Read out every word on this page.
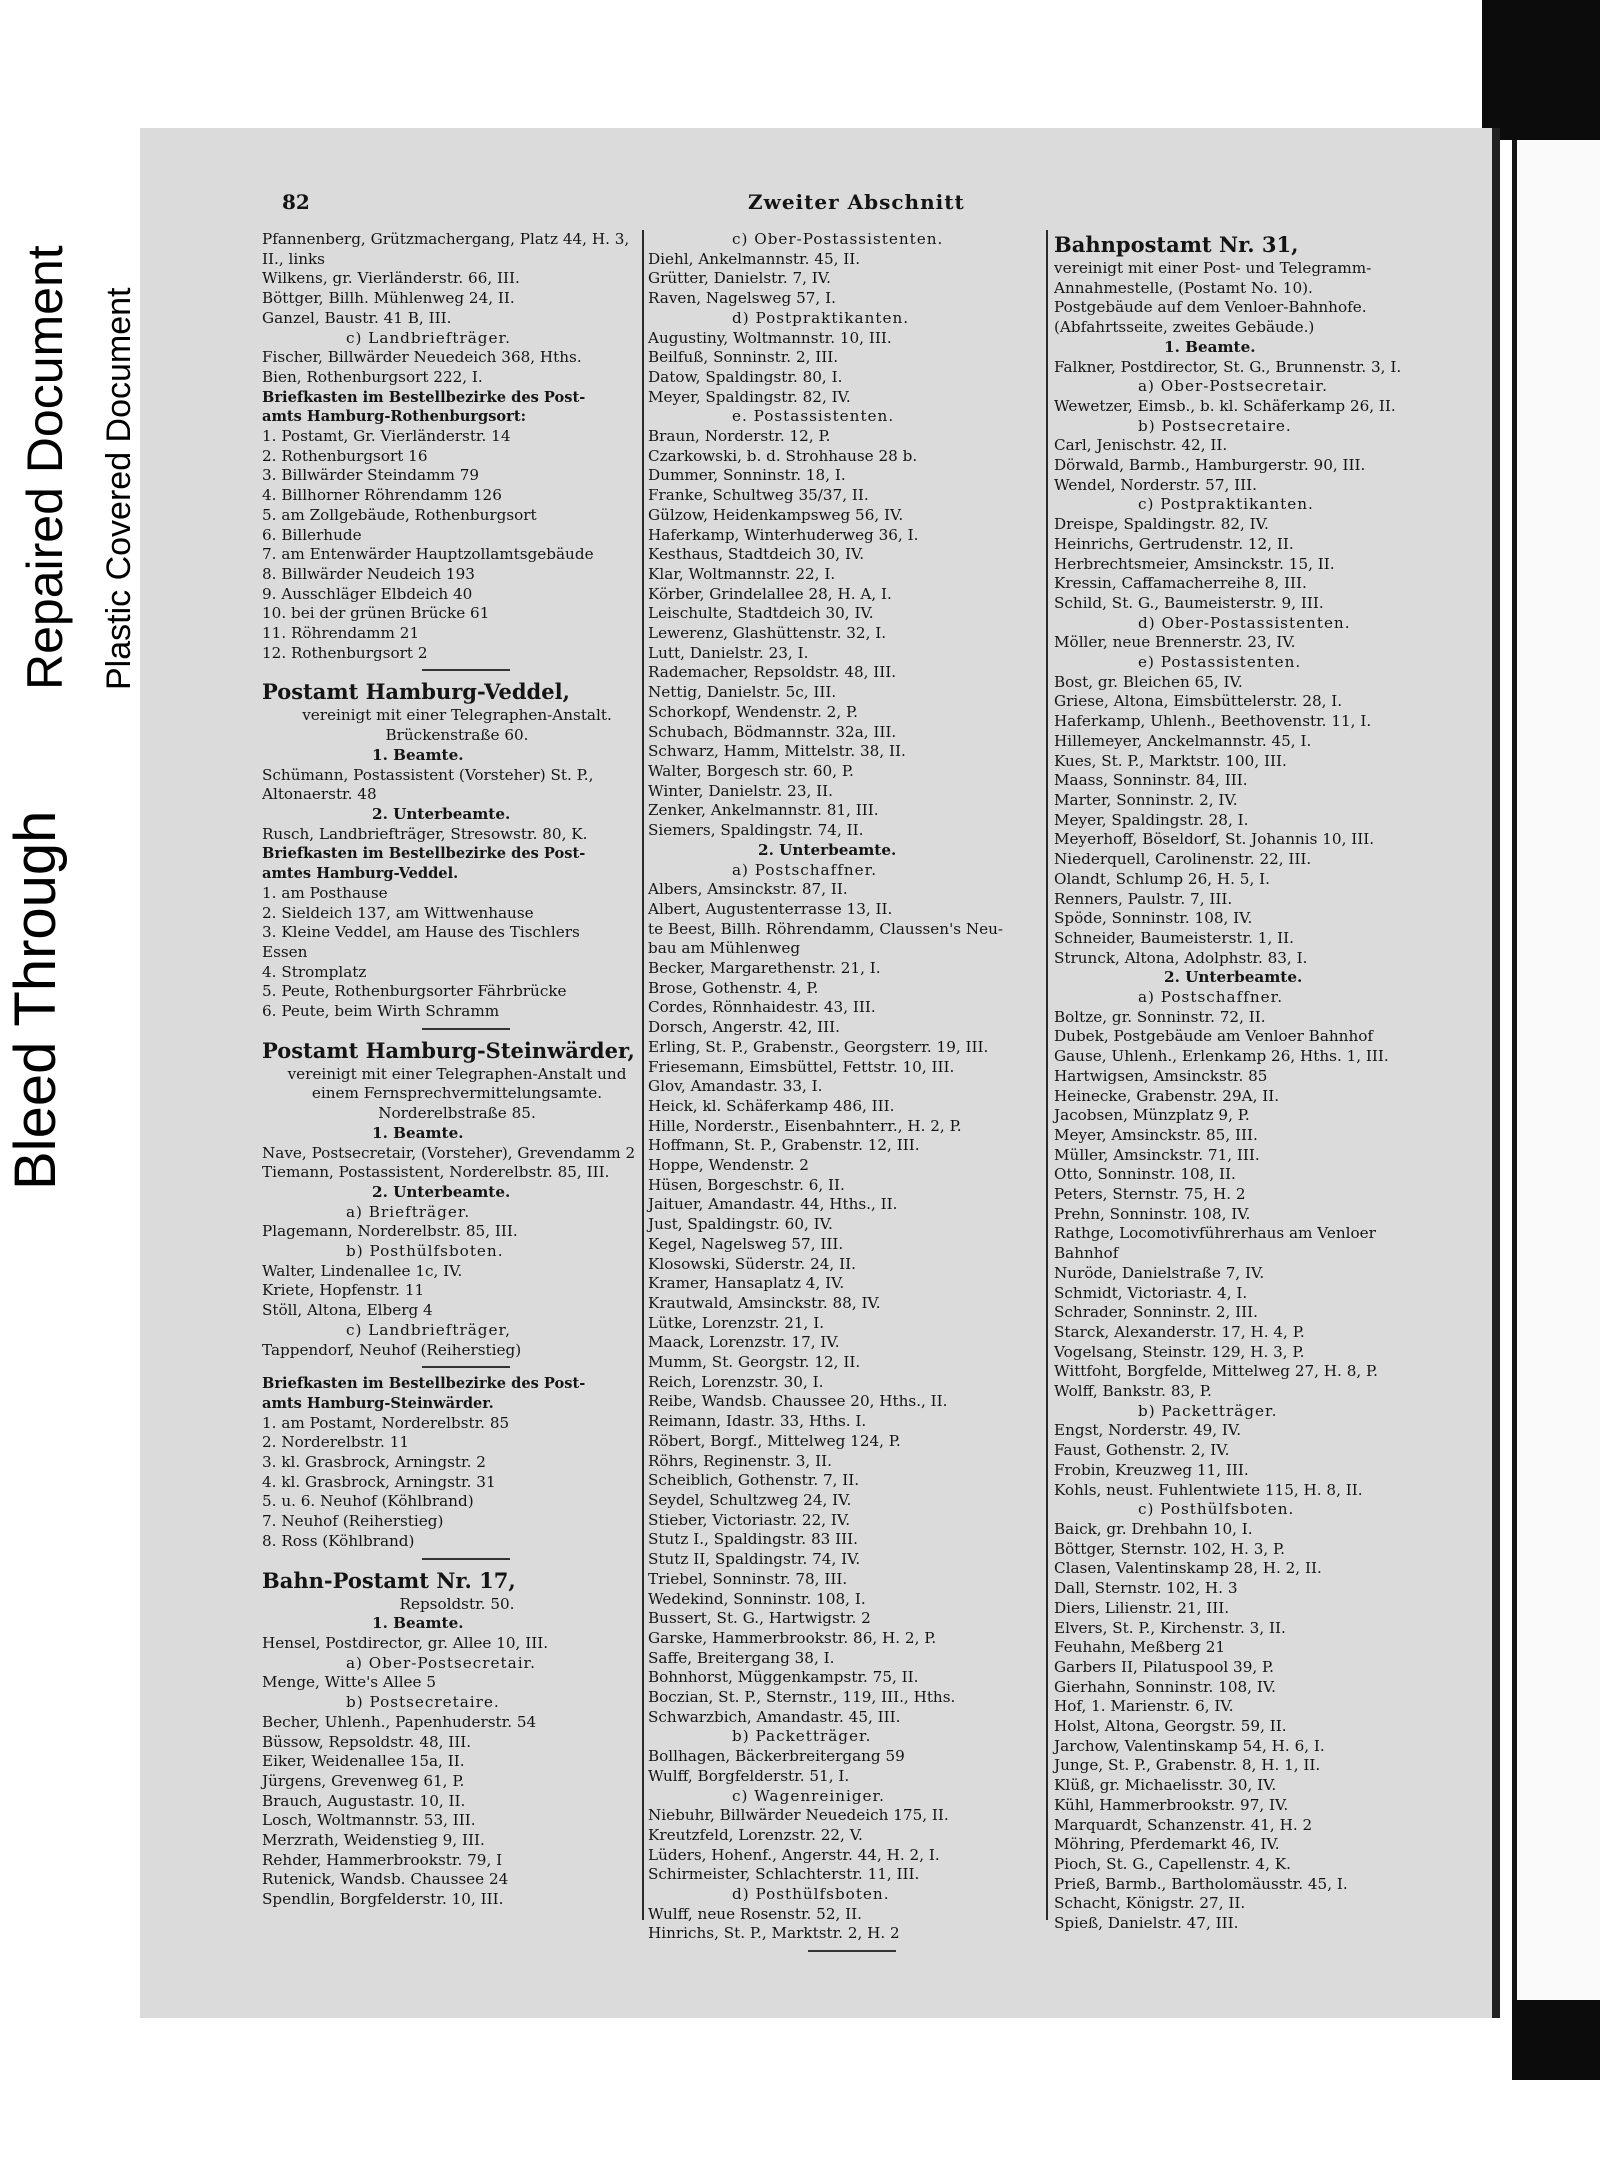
Bleed Through
Repaired Document Plastic Covered Document
82	Zweiter Abschnitt
Pfannenberg, Grützmachergang, Platz 44, H. 3,
II., links
Wilkens, gr. Vierländerstr. 66, III.
Böttger, Billh. Mühlenweg 24, II.
Ganzel, Baustr. 41 B, III.
c) Landbriefträger.
Fischer, Billwärder Neuedeich 368, Hths.
Bien, Rothenburgsort 222, I.
Briefkasten im Bestellbezirke des Post-
amts Hamburg-Rothenburgsort:
1. Postamt, Gr. Vierländerstr. 14
2. Rothenburgsort 16
3. Billwärder Steindamm 79
4. Billhorner Röhrendamm 126
5. am Zollgebäude, Rothenburgsort
6. Billerhude
7. am Entenwärder Hauptzollamtsgebäude
8. Billwärder Neudeich 193
9. Ausschläger Elbdeich 40
10. bei der grünen Brücke 61
11. Röhrendamm 21
12. Rothenburgsort 2
Postamt Hamburg-Veddel,
vereinigt mit einer Telegraphen-Anstalt.
Brückenstraße 60.
1. Beamte.
Schümann, Postassistent (Vorsteher) St. P.,
Altonaerstr. 48
2. Unterbeamte.
Rusch, Landbriefträger, Stresowstr. 80, K.
Briefkasten im Bestellbezirke des Post-
amtes Hamburg-Veddel.
1. am Posthause
2. Sieldeich 137, am Wittwenhause
3. Kleine Veddel, am Hause des Tischlers
Essen
4. Stromplatz
5. Peute, Rothenburgsorter Fährbrücke
6. Peute, beim Wirth Schramm
Postamt Hamburg-Steinwärder,
vereinigt mit einer Telegraphen-Anstalt und
einem Fernsprechvermittelungsamte.
Norderelbstraße 85.
1. Beamte.
Nave, Postsecretair, (Vorsteher), Grevendamm 2
Tiemann, Postassistent, Norderelbstr. 85, III.
2. Unterbeamte.
a) Briefträger.
Plagemann, Norderelbstr. 85, III.
b) Posthülfsboten.
Walter, Lindenallee 1c, IV.
Kriete, Hopfenstr. 11
Stöll, Altona, Elberg 4
c) Landbriefträger,
Tappendorf, Neuhof (Reiherstieg)
Briefkasten im Bestellbezirke des Post-
amts Hamburg-Steinwärder.
1. am Postamt, Norderelbstr. 85
2. Norderelbstr. 11
3. kl. Grasbrock, Arningstr. 2
4. kl. Grasbrock, Arningstr. 31
5. u. 6. Neuhof (Köhlbrand)
7. Neuhof (Reiherstieg)
8. Ross (Köhlbrand)
Bahn-Postamt Nr. 17,
Repsoldstr. 50.
1. Beamte.
Hensel, Postdirector, gr. Allee 10, III.
a) Ober-Postsecretair.
Menge, Witte's Allee 5
b) Postsecretaire.
Becher, Uhlenh., Papenhuderstr. 54
Büssow, Repsoldstr. 48, III.
Eiker, Weidenallee 15a, II.
Jürgens, Grevenweg 61, P.
Brauch, Augustastr. 10, II.
Losch, Woltmannstr. 53, III.
Merzrath, Weidenstieg 9, III.
Rehder, Hammerbrookstr. 79, I
Rutenick, Wandsb. Chaussee 24
Spendlin, Borgfelderstr. 10, III.
c) Ober-Postassistenten.
Diehl, Ankelmannstr. 45, II.
Grütter, Danielstr. 7, IV.
Raven, Nagelsweg 57, I.
d) Postpraktikanten.
Augustiny, Woltmannstr. 10, III.
Beilfuß, Sonninstr. 2, III.
Datow, Spaldingstr. 80, I.
Meyer, Spaldingstr. 82, IV.
e. Postassistenten.
Braun, Norderstr. 12, P.
Czarkowski, b. d. Strohhause 28 b.
Dummer, Sonninstr. 18, I.
Franke, Schultweg 35/37, II.
Gülzow, Heidenkampsweg 56, IV.
Haferkamp, Winterhuderweg 36, I.
Kesthaus, Stadtdeich 30, IV.
Klar, Woltmannstr. 22, I.
Körber, Grindelallee 28, H. A, I.
Leischulte, Stadtdeich 30, IV.
Lewerenz, Glashüttenstr. 32, I.
Lutt, Danielstr. 23, I.
Rademacher, Repsoldstr. 48, III.
Nettig, Danielstr. 5c, III.
Schorkopf, Wendenstr. 2, P.
Schubach, Bödmannstr. 32a, III.
Schwarz, Hamm, Mittelstr. 38, II.
Walter, Borgesch str. 60, P.
Winter, Danielstr. 23, II.
Zenker, Ankelmannstr. 81, III.
Siemers, Spaldingstr. 74, II.
2. Unterbeamte.
a) Postschaffner.
Albers, Amsinckstr. 87, II.
Albert, Augustenterrasse 13, II.
te Beest, Billh. Röhrendamm, Claussen's Neu-
bau am Mühlenweg
Becker, Margarethenstr. 21, I.
Brose, Gothenstr. 4, P.
Cordes, Rönnhaidestr. 43, III.
Dorsch, Angerstr. 42, III.
Erling, St. P., Grabenstr., Georgsterr. 19, III.
Friesemann, Eimsbüttel, Fettstr. 10, III.
Glov, Amandastr. 33, I.
Heick, kl. Schäferkamp 486, III.
Hille, Norderstr., Eisenbahnterr., H. 2, P.
Hoffmann, St. P., Grabenstr. 12, III.
Hoppe, Wendenstr. 2
Hüsen, Borgeschstr. 6, II.
Jaituer, Amandastr. 44, Hths., II.
Just, Spaldingstr. 60, IV.
Kegel, Nagelsweg 57, III.
Klosowski, Süderstr. 24, II.
Kramer, Hansaplatz 4, IV.
Krautwald, Amsinckstr. 88, IV.
Lütke, Lorenzstr. 21, I.
Maack, Lorenzstr. 17, IV.
Mumm, St. Georgstr. 12, II.
Reich, Lorenzstr. 30, I.
Reibe, Wandsb. Chaussee 20, Hths., II.
Reimann, Idastr. 33, Hths. I.
Röbert, Borgf., Mittelweg 124, P.
Röhrs, Reginenstr. 3, II.
Scheiblich, Gothenstr. 7, II.
Seydel, Schultzweg 24, IV.
Stieber, Victoriastr. 22, IV.
Stutz I., Spaldingstr. 83 III.
Stutz II, Spaldingstr. 74, IV.
Triebel, Sonninstr. 78, III.
Wedekind, Sonninstr. 108, I.
Bussert, St. G., Hartwigstr. 2
Garske, Hammerbrookstr. 86, H. 2, P.
Saffe, Breitergang 38, I.
Bohnhorst, Müggenkampstr. 75, II.
Boczian, St. P., Sternstr., 119, III., Hths.
Schwarzbich, Amandastr. 45, III.
b) Packetträger.
Bollhagen, Bäckerbreitergang 59
Wulff, Borgfelderstr. 51, I.
c) Wagenreiniger.
Niebuhr, Billwärder Neuedeich 175, II.
Kreutzfeld, Lorenzstr. 22, V.
Lüders, Hohenf., Angerstr. 44, H. 2, I.
Schirmeister, Schlachterstr. 11, III.
d) Posthülfsboten.
Wulff, neue Rosenstr. 52, II.
Hinrichs, St. P., Marktstr. 2, H. 2
Bahnpostamt Nr. 31,
vereinigt mit einer Post- und Telegramm-
Annahmestelle, (Postamt No. 10).
Postgebäude auf dem Venloer-Bahnhofe.
(Abfahrtsseite, zweites Gebäude.)
1. Beamte.
Falkner, Postdirector, St. G., Brunnenstr. 3, I.
a) Ober-Postsecretair.
Wewetzer, Eimsb., b. kl. Schäferkamp 26, II.
b) Postsecretaire.
Carl, Jenischstr. 42, II.
Dörwald, Barmb., Hamburgerstr. 90, III.
Wendel, Norderstr. 57, III.
c) Postpraktikanten.
Dreispe, Spaldingstr. 82, IV.
Heinrichs, Gertrudenstr. 12, II.
Herbrechtsmeier, Amsinckstr. 15, II.
Kressin, Caffamacherreihe 8, III.
Schild, St. G., Baumeisterstr. 9, III.
d) Ober-Postassistenten.
Möller, neue Brennerstr. 23, IV.
e) Postassistenten.
Bost, gr. Bleichen 65, IV.
Griese, Altona, Eimsbüttelerstr. 28, I.
Haferkamp, Uhlenh., Beethovenstr. 11, I.
Hillemeyer, Anckelmannstr. 45, I.
Kues, St. P., Marktstr. 100, III.
Maass, Sonninstr. 84, III.
Marter, Sonninstr. 2, IV.
Meyer, Spaldingstr. 28, I.
Meyerhoff, Böseldorf, St. Johannis 10, III.
Niederquell, Carolinenstr. 22, III.
Olandt, Schlump 26, H. 5, I.
Renners, Paulstr. 7, III.
Spöde, Sonninstr. 108, IV.
Schneider, Baumeisterstr. 1, II.
Strunck, Altona, Adolphstr. 83, I.
2. Unterbeamte.
a) Postschaffner.
Boltze, gr. Sonninstr. 72, II.
Dubek, Postgebäude am Venloer Bahnhof
Gause, Uhlenh., Erlenkamp 26, Hths. 1, III.
Hartwigsen, Amsinckstr. 85
Heinecke, Grabenstr. 29A, II.
Jacobsen, Münzplatz 9, P.
Meyer, Amsinckstr. 85, III.
Müller, Amsinckstr. 71, III.
Otto, Sonninstr. 108, II.
Peters, Sternstr. 75, H. 2
Prehn, Sonninstr. 108, IV.
Rathge, Locomotivführerhaus am Venloer
Bahnhof
Nuröde, Danielstraße 7, IV.
Schmidt, Victoriastr. 4, I.
Schrader, Sonninstr. 2, III.
Starck, Alexanderstr. 17, H. 4, P.
Vogelsang, Steinstr. 129, H. 3, P.
Wittfoht, Borgfelde, Mittelweg 27, H. 8, P.
Wolff, Bankstr. 83, P.
b) Packetträger.
Engst, Norderstr. 49, IV.
Faust, Gothenstr. 2, IV.
Frobin, Kreuzweg 11, III.
Kohls, neust. Fuhlentwiete 115, H. 8, II.
c) Posthülfsboten.
Baick, gr. Drehbahn 10, I.
Böttger, Sternstr. 102, H. 3, P.
Clasen, Valentinskamp 28, H. 2, II.
Dall, Sternstr. 102, H. 3
Diers, Lilienstr. 21, III.
Elvers, St. P., Kirchenstr. 3, II.
Feuhahn, Meßberg 21
Garbers II, Pilatuspool 39, P.
Gierhahn, Sonninstr. 108, IV.
Hof, 1. Marienstr. 6, IV.
Holst, Altona, Georgstr. 59, II.
Jarchow, Valentinskamp 54, H. 6, I.
Junge, St. P., Grabenstr. 8, H. 1, II.
Klüß, gr. Michaelisstr. 30, IV.
Kühl, Hammerbrookstr. 97, IV.
Marquardt, Schanzenstr. 41, H. 2
Möhring, Pferdemarkt 46, IV.
Pioch, St. G., Capellenstr. 4, K.
Prieß, Barmb., Bartholomäusstr. 45, I.
Schacht, Königstr. 27, II.
Spieß, Danielstr. 47, III.
